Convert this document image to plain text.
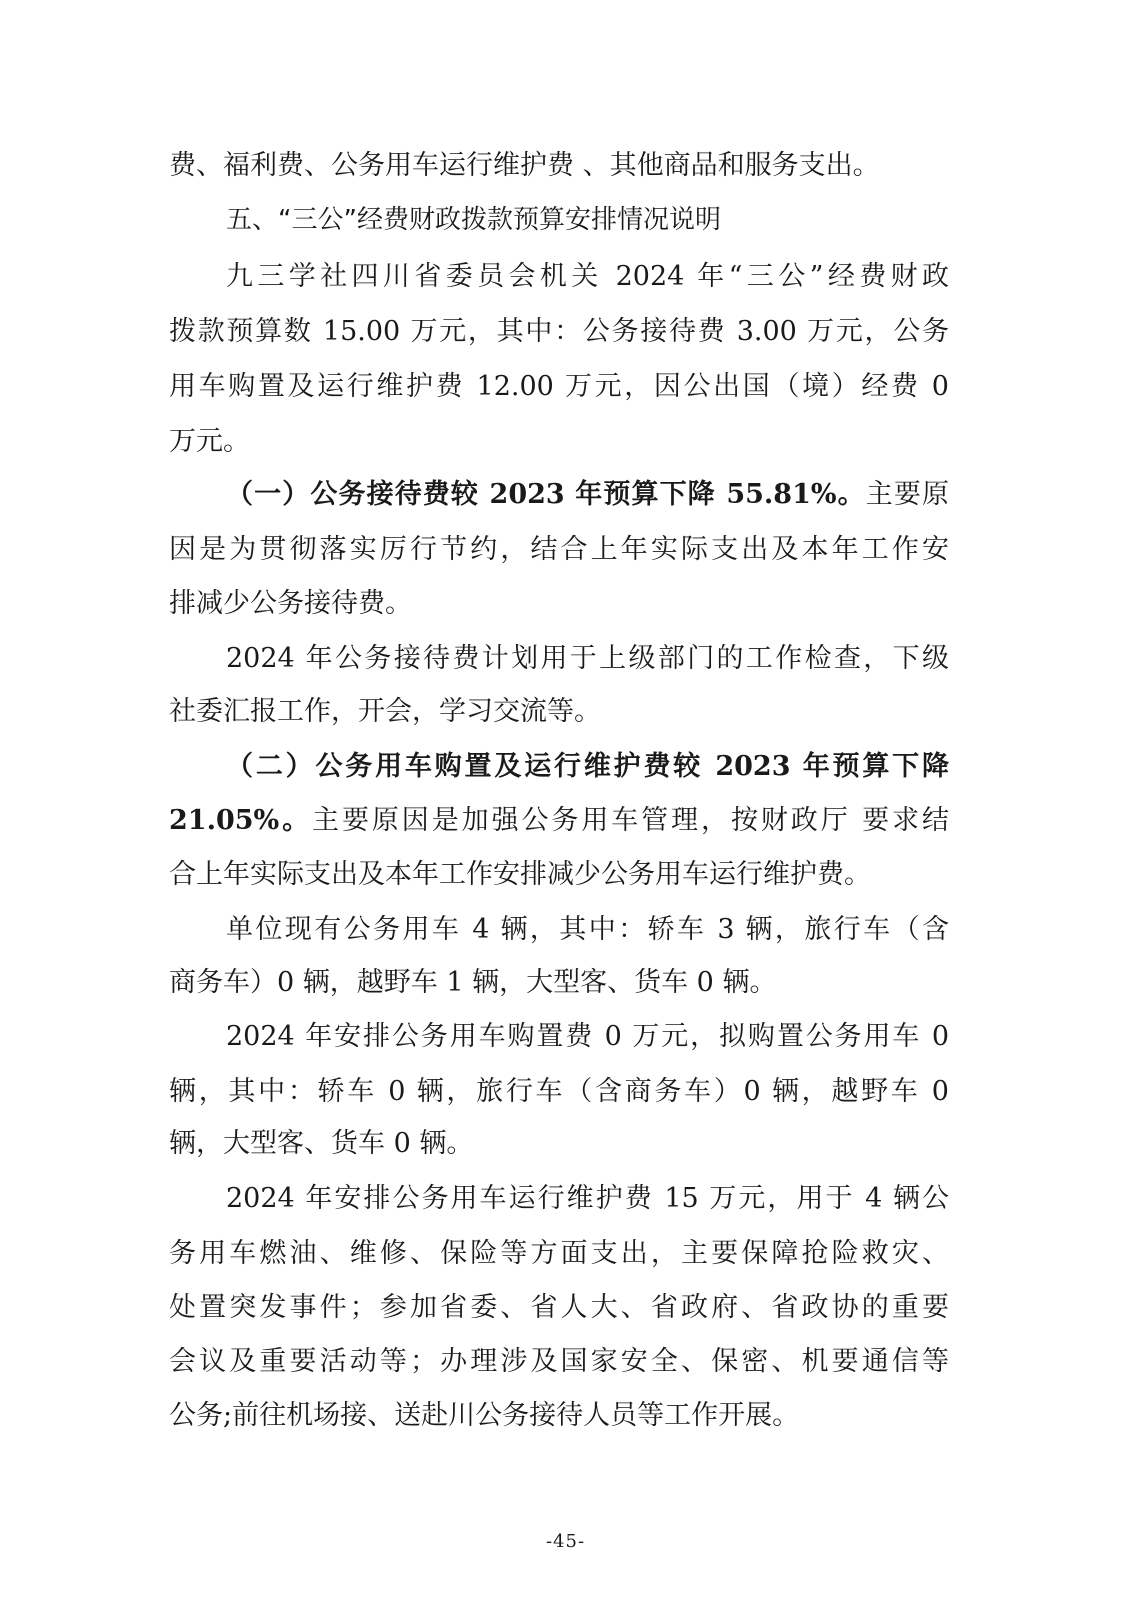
费、福利费、公务用车运行维护费 、其他商品和服务支出。
五、“三公”经费财政拨款预算安排情况说明
九三学社四川省委员会机关 2024 年“三公”经费财政
拨款预算数 15.00 万元，其中：公务接待费 3.00 万元，公务
用车购置及运行维护费 12.00 万元，因公出国（境）经费 0
万元。
（一）公务接待费较 2023 年预算下降 55.81%。主要原
因是为贯彻落实厉行节约，结合上年实际支出及本年工作安
排减少公务接待费。
2024 年公务接待费计划用于上级部门的工作检查，下级
社委汇报工作，开会，学习交流等。
（二）公务用车购置及运行维护费较 2023 年预算下降
21.05%。主要原因是加强公务用车管理，按财政厅 要求结
合上年实际支出及本年工作安排减少公务用车运行维护费。
单位现有公务用车 4 辆，其中：轿车 3 辆，旅行车（含
商务车）0 辆，越野车 1 辆，大型客、货车 0 辆。
2024 年安排公务用车购置费 0 万元，拟购置公务用车 0
辆，其中：轿车 0 辆，旅行车（含商务车）0 辆，越野车 0
辆，大型客、货车 0 辆。
2024 年安排公务用车运行维护费 15 万元，用于 4 辆公
务用车燃油、维修、保险等方面支出，主要保障抢险救灾、
处置突发事件；参加省委、省人大、省政府、省政协的重要
会议及重要活动等；办理涉及国家安全、保密、机要通信等
公务;前往机场接、送赴川公务接待人员等工作开展。
-45-
